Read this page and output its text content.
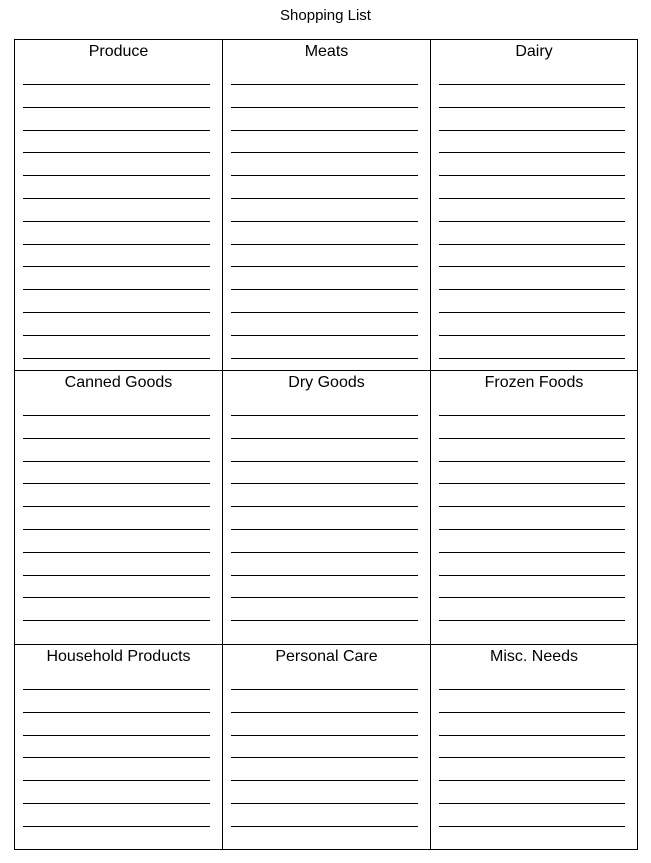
Shopping List
Produce	Meats	Dairy
Canned Goods	Dry Goods	Frozen Foods
Household Products	Personal Care	Misc. Needs
